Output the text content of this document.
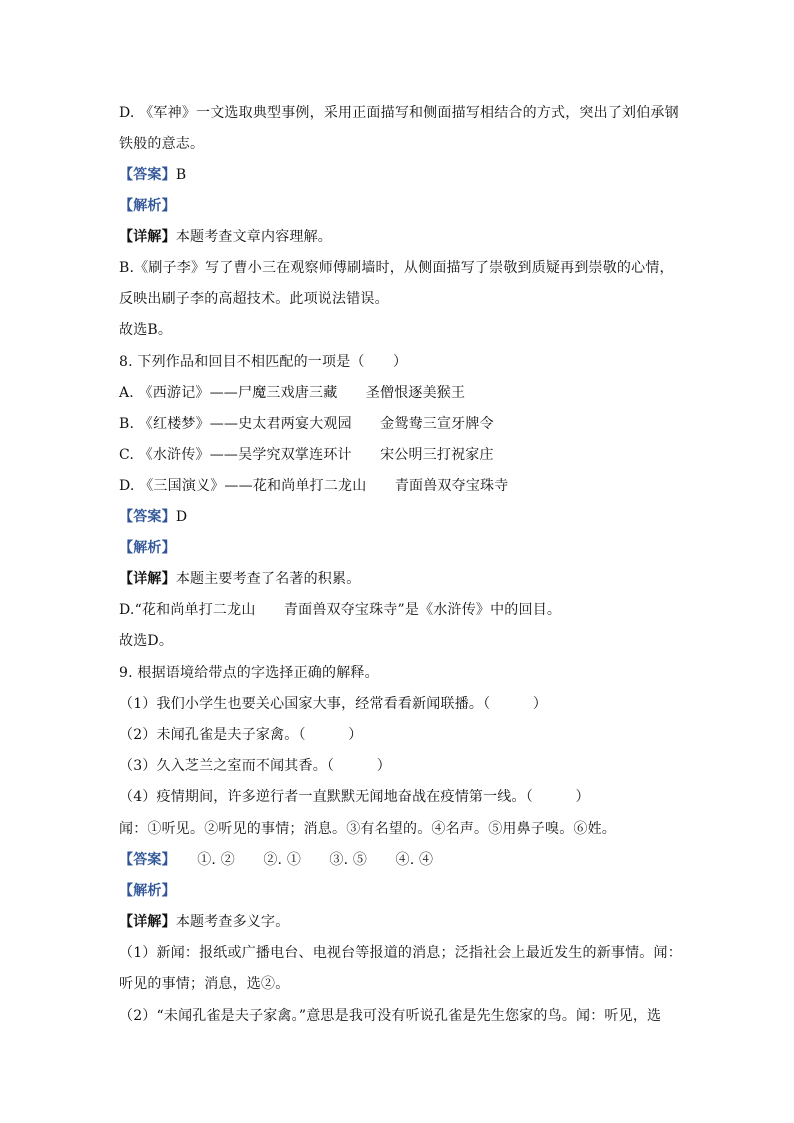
D. 《军神》一文选取典型事例，采用正面描写和侧面描写相结合的方式，突出了刘伯承钢
铁般的意志。
【答案】B
【解析】
【详解】本题考查文章内容理解。
B.《刷子李》写了曹小三在观察师傅刷墙时，从侧面描写了崇敬到质疑再到崇敬的心情，
反映出刷子李的高超技术。此项说法错误。
故选B。
8. 下列作品和回目不相匹配的一项是（　　）
A. 《西游记》——尸魔三戏唐三藏　　圣僧恨逐美猴王
B. 《红楼梦》——史太君两宴大观园　　金鸳鸯三宣牙牌令
C. 《水浒传》——吴学究双掌连环计　　宋公明三打祝家庄
D. 《三国演义》——花和尚单打二龙山　　青面兽双夺宝珠寺
【答案】D
【解析】
【详解】本题主要考查了名著的积累。
D.“花和尚单打二龙山　　青面兽双夺宝珠寺”是《水浒传》中的回目。
故选D。
9. 根据语境给带点的字选择正确的解释。
（1）我们小学生也要关心国家大事，经常看看新闻联播。（　　　）
（2）未闻孔雀是夫子家禽。（　　　）
（3）久入芝兰之室而不闻其香。（　　　）
（4）疫情期间，许多逆行者一直默默无闻地奋战在疫情第一线。（　　　）
闻：①听见。②听见的事情；消息。③有名望的。④名声。⑤用鼻子嗅。⑥姓。
【答案】　　①. ②　　②. ①　　③. ⑤　　④. ④
【解析】
【详解】本题考查多义字。
（1）新闻：报纸或广播电台、电视台等报道的消息；泛指社会上最近发生的新事情。闻：
听见的事情；消息，选②。
（2）“未闻孔雀是夫子家禽。”意思是我可没有听说孔雀是先生您家的鸟。闻：听见，选
